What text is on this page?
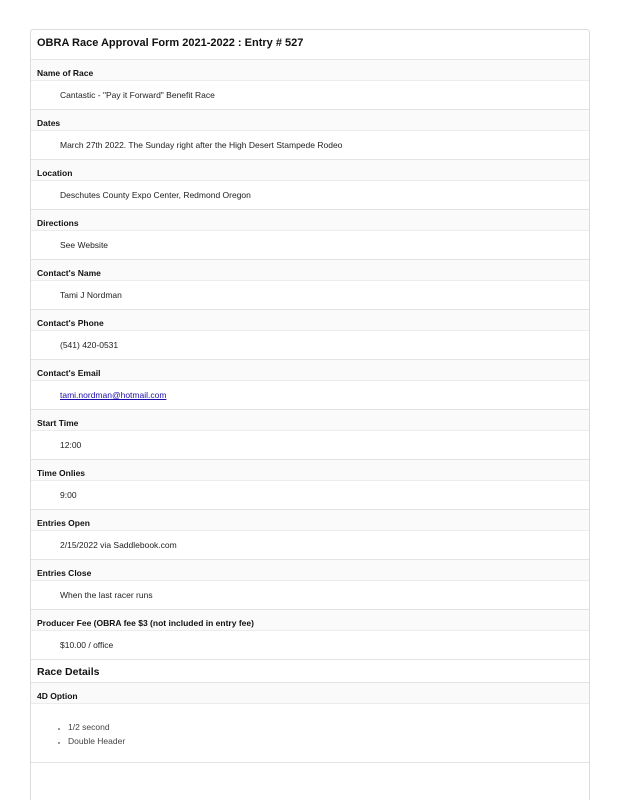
OBRA Race Approval Form 2021-2022 : Entry # 527
Name of Race
Cantastic - "Pay it Forward" Benefit Race
Dates
March 27th 2022. The Sunday right after the High Desert Stampede Rodeo
Location
Deschutes County Expo Center, Redmond Oregon
Directions
See Website
Contact's Name
Tami J Nordman
Contact's Phone
(541) 420-0531
Contact's Email
tami.nordman@hotmail.com
Start Time
12:00
Time Onlies
9:00
Entries Open
2/15/2022 via Saddlebook.com
Entries Close
When the last racer runs
Producer Fee (OBRA fee $3 (not included in entry fee)
$10.00 / office
Race Details
4D Option
• 1/2 second
• Double Header
